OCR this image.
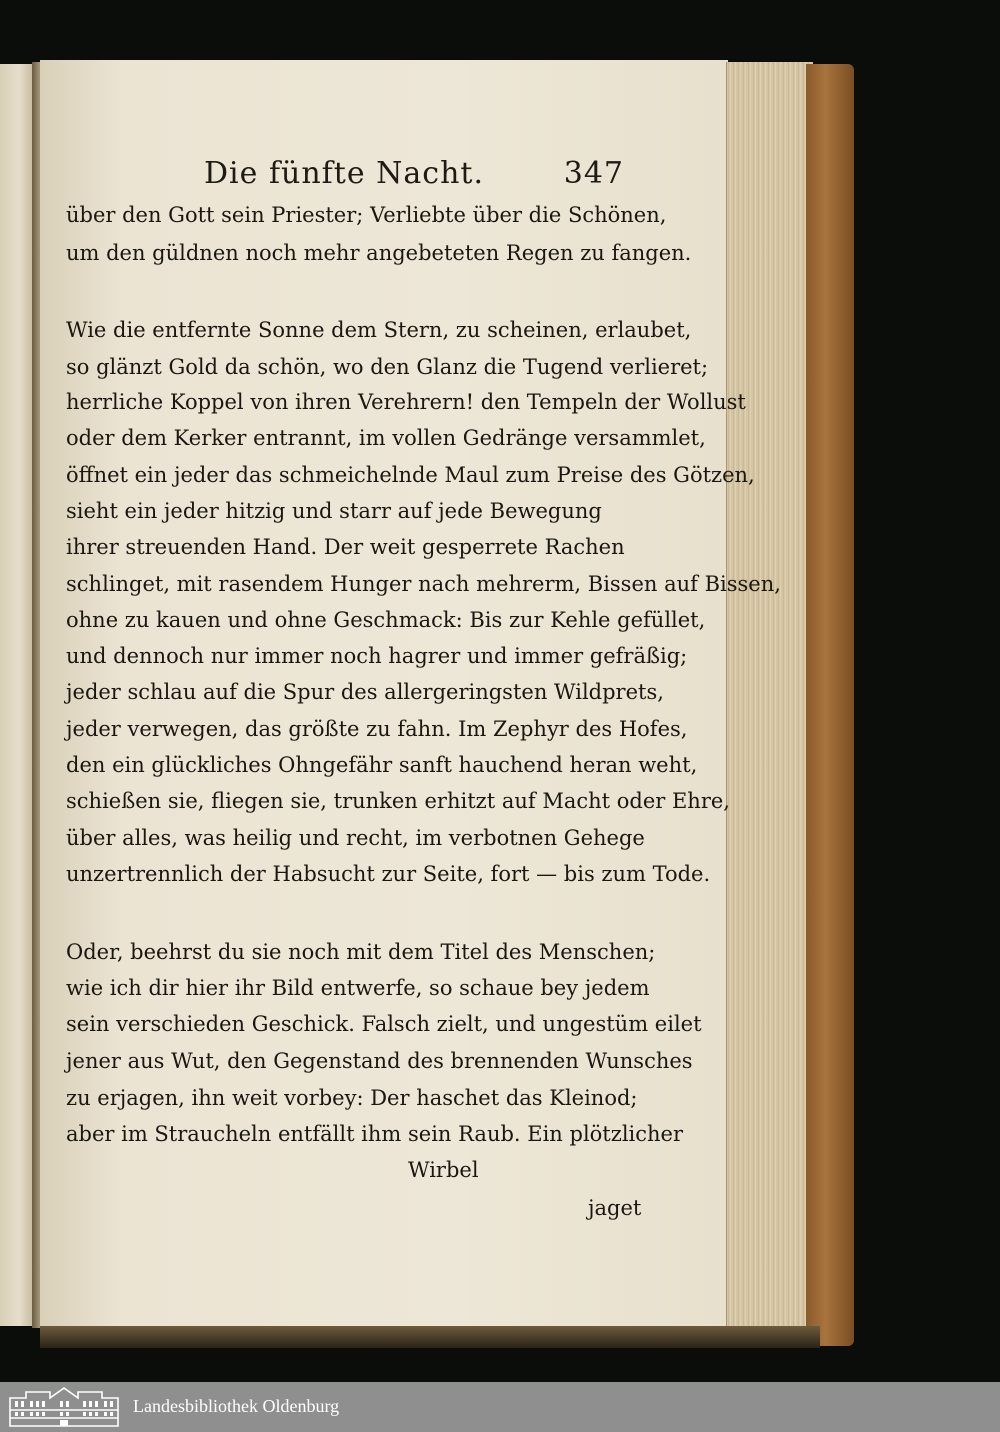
Die fünfte Nacht.	347
über den Gott sein Priester; Verliebte über die Schönen,
um den güldnen noch mehr angebeteten Regen zu fangen.
Wie die entfernte Sonne dem Stern, zu scheinen, erlaubet,
so glänzt Gold da schön, wo den Glanz die Tugend verlieret;
herrliche Koppel von ihren Verehrern! den Tempeln der Wollust
oder dem Kerker entrannt, im vollen Gedränge versammlet,
öffnet ein jeder das schmeichelnde Maul zum Preise des Götzen,
sieht ein jeder hitzig und starr auf jede Bewegung
ihrer streuenden Hand. Der weit gesperrete Rachen
schlinget, mit rasendem Hunger nach mehrerm, Bissen auf Bissen,
ohne zu kauen und ohne Geschmack: Bis zur Kehle gefüllet,
und dennoch nur immer noch hagrer und immer gefräßig;
jeder schlau auf die Spur des allergeringsten Wildprets,
jeder verwegen, das größte zu fahn. Im Zephyr des Hofes,
den ein glückliches Ohngefähr sanft hauchend heran weht,
schießen sie, fliegen sie, trunken erhitzt auf Macht oder Ehre,
über alles, was heilig und recht, im verbotnen Gehege
unzertrennlich der Habsucht zur Seite, fort — bis zum Tode.
Oder, beehrst du sie noch mit dem Titel des Menschen;
wie ich dir hier ihr Bild entwerfe, so schaue bey jedem
sein verschieden Geschick. Falsch zielt, und ungestüm eilet
jener aus Wut, den Gegenstand des brennenden Wunsches
zu erjagen, ihn weit vorbey: Der haschet das Kleinod;
aber im Straucheln entfällt ihm sein Raub. Ein plötzlicher
Wirbel
jaget
Landesbibliothek Oldenburg
